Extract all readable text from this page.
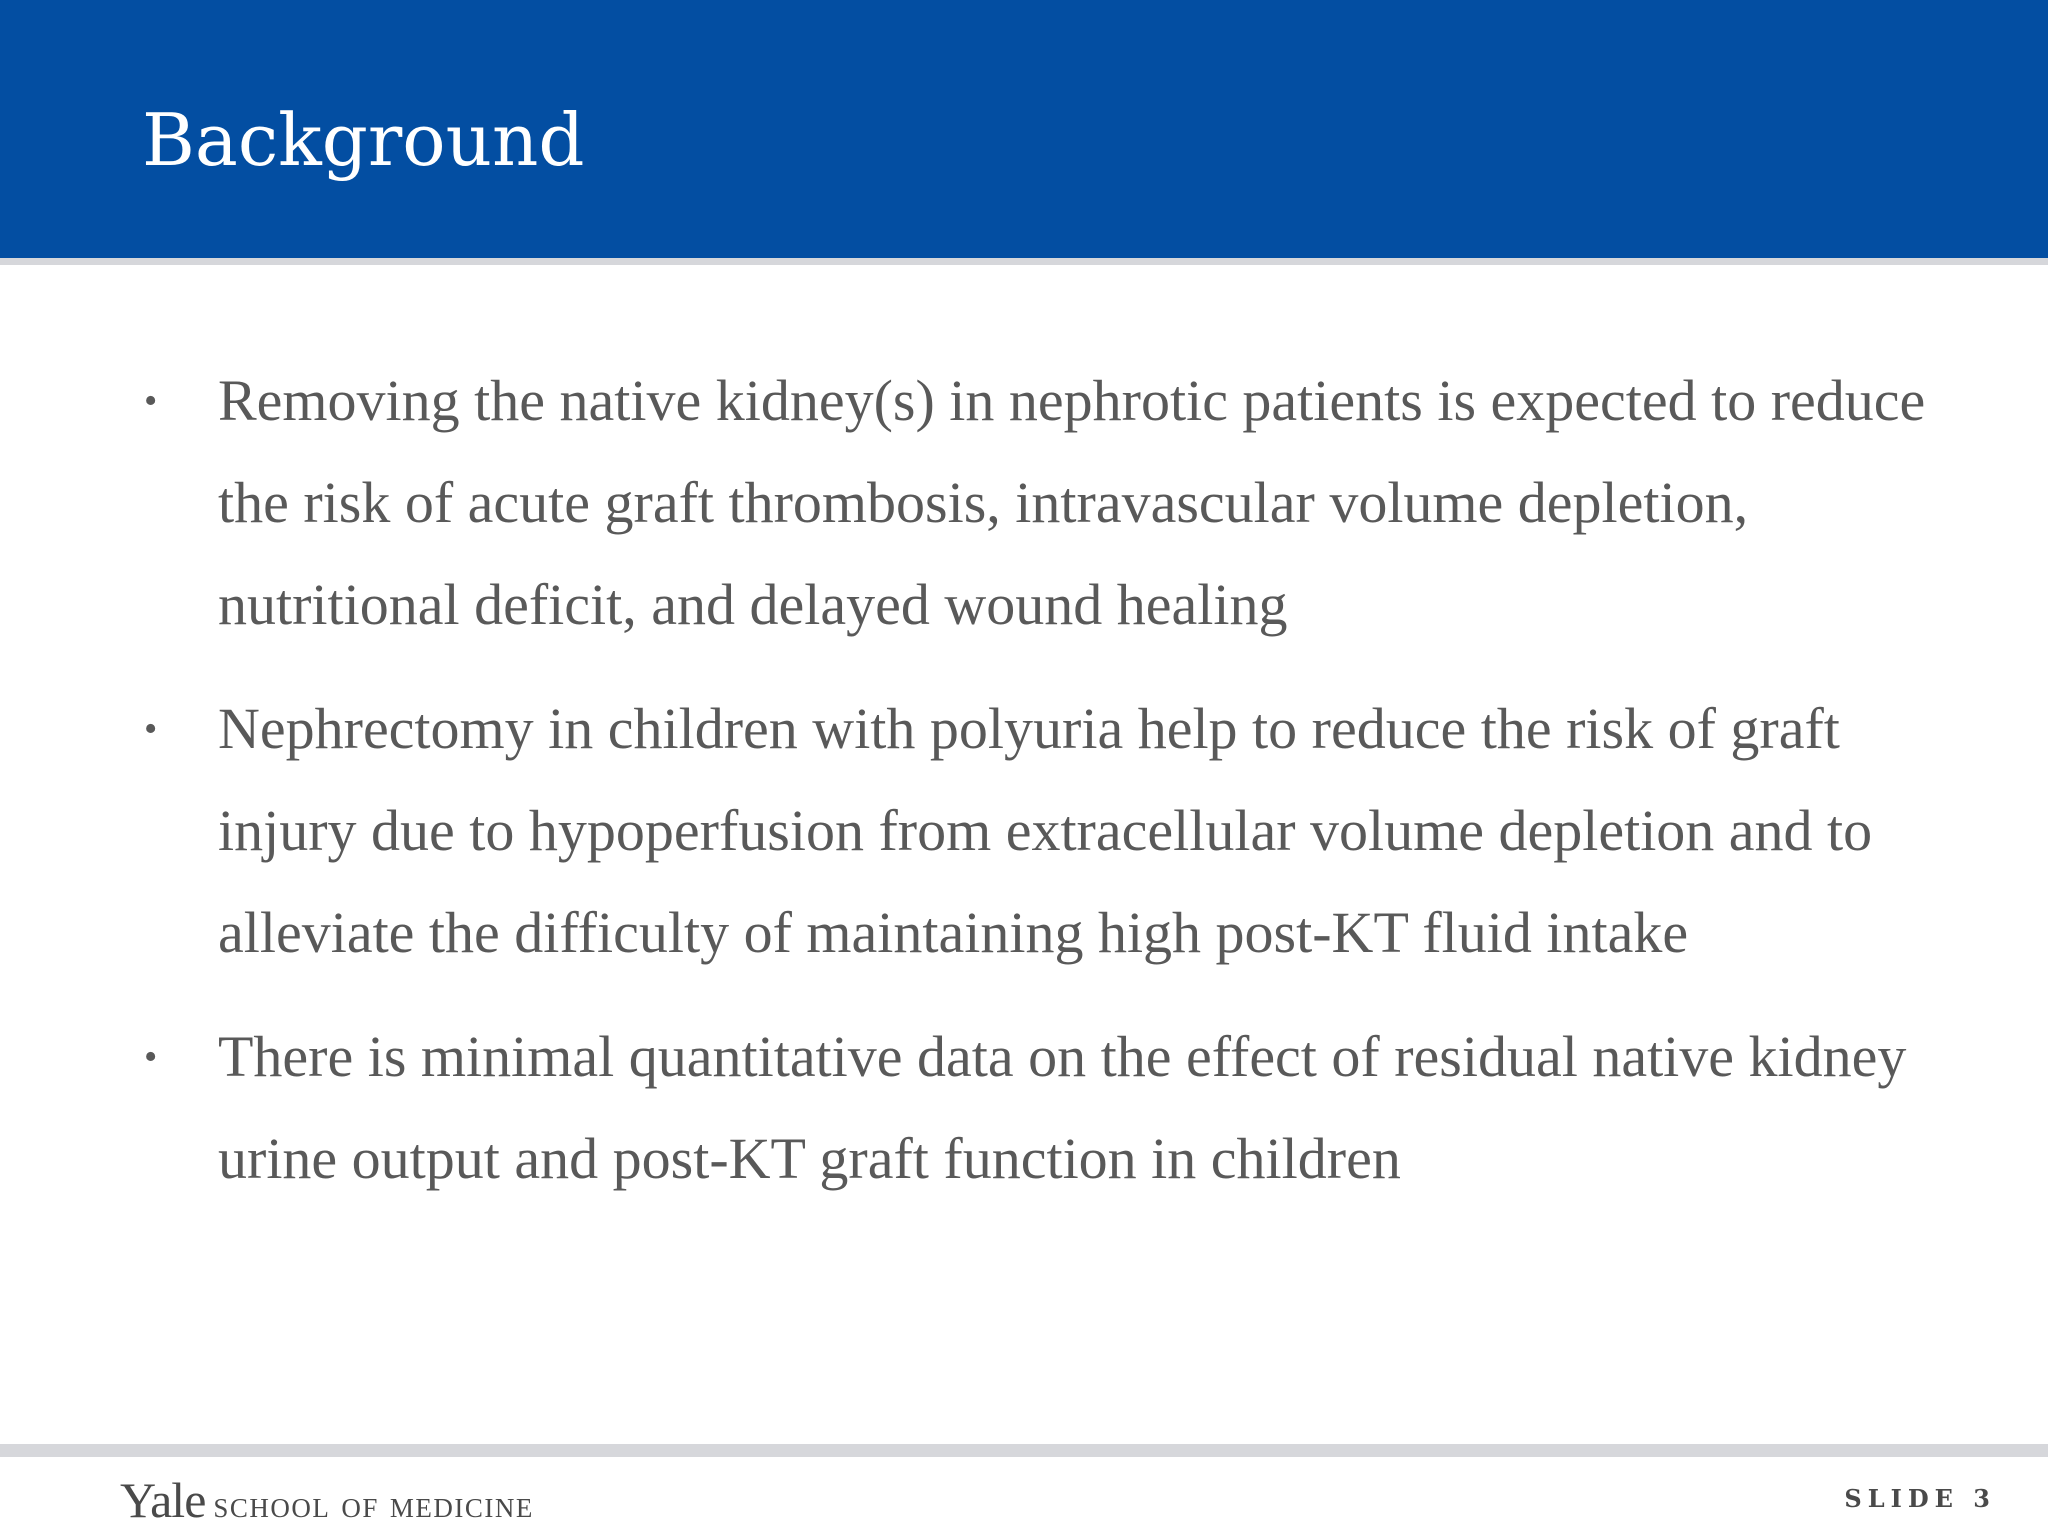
Background
•	Removing the native kidney(s) in nephrotic patients is expected to reduce the risk of acute graft thrombosis, intravascular volume depletion, nutritional deficit, and delayed wound healing
•	Nephrectomy in children with polyuria help to reduce the risk of graft injury due to hypoperfusion from extracellular volume depletion and to alleviate the difficulty of maintaining high post-KT fluid intake
•	There is minimal quantitative data on the effect of residual native kidney urine output and post-KT graft function in children
Yale school of medicine	SLIDE 3
